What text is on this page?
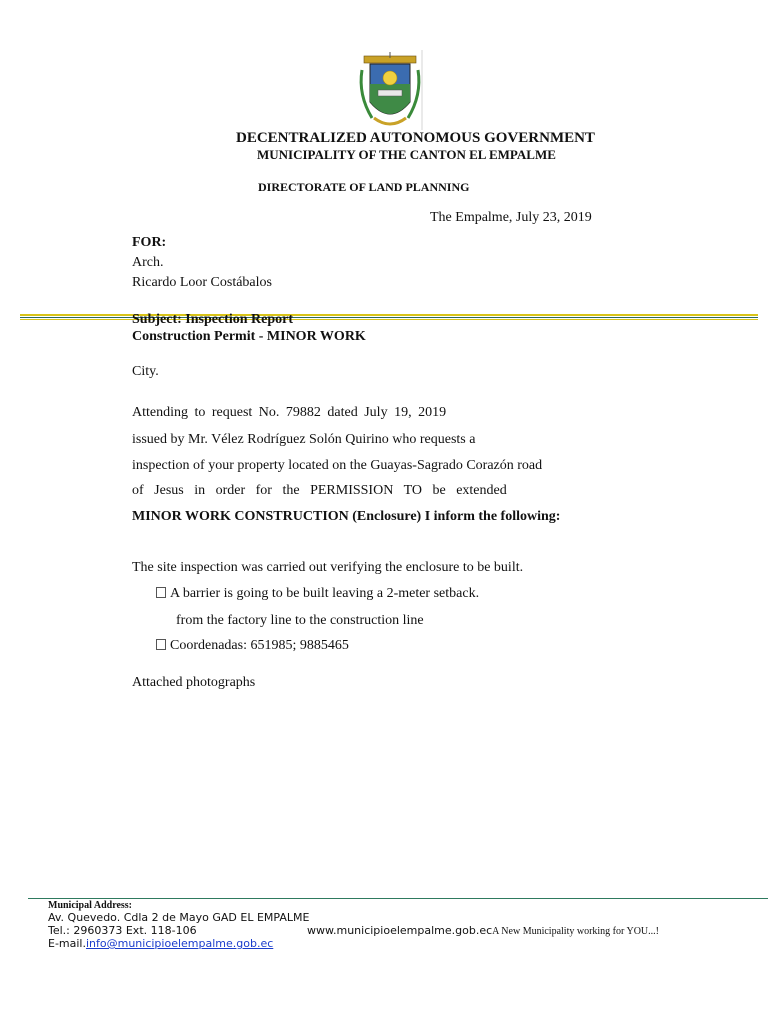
DECENTRALIZED AUTONOMOUS GOVERNMENT
MUNICIPALITY OF THE CANTON EL EMPALME
DIRECTORATE OF LAND PLANNING
The Empalme, July 23, 2019
FOR:
Arch.
Ricardo Loor Costábalos
Subject: Inspection Report
Construction Permit - MINOR WORK
City.
Attending to request No. 79882 dated July 19, 2019
issued by Mr. Vélez Rodríguez Solón Quirino who requests a
inspection of your property located on the Guayas-Sagrado Corazón road
of Jesus in order for the PERMISSION TO be extended
MINOR WORK CONSTRUCTION (Enclosure) I inform the following:
The site inspection was carried out verifying the enclosure to be built.
A barrier is going to be built leaving a 2-meter setback.
from the factory line to the construction line
Coordenadas: 651985; 9885465
Attached photographs
Municipal Address:
Av. Quevedo. Cdla 2 de Mayo GAD EL EMPALME
Tel.: 2960373 Ext. 118-106	www.municipioelempalme.gob.ecA New Municipality working for YOU...!
E-mail.info@municipioelempalme.gob.ec
